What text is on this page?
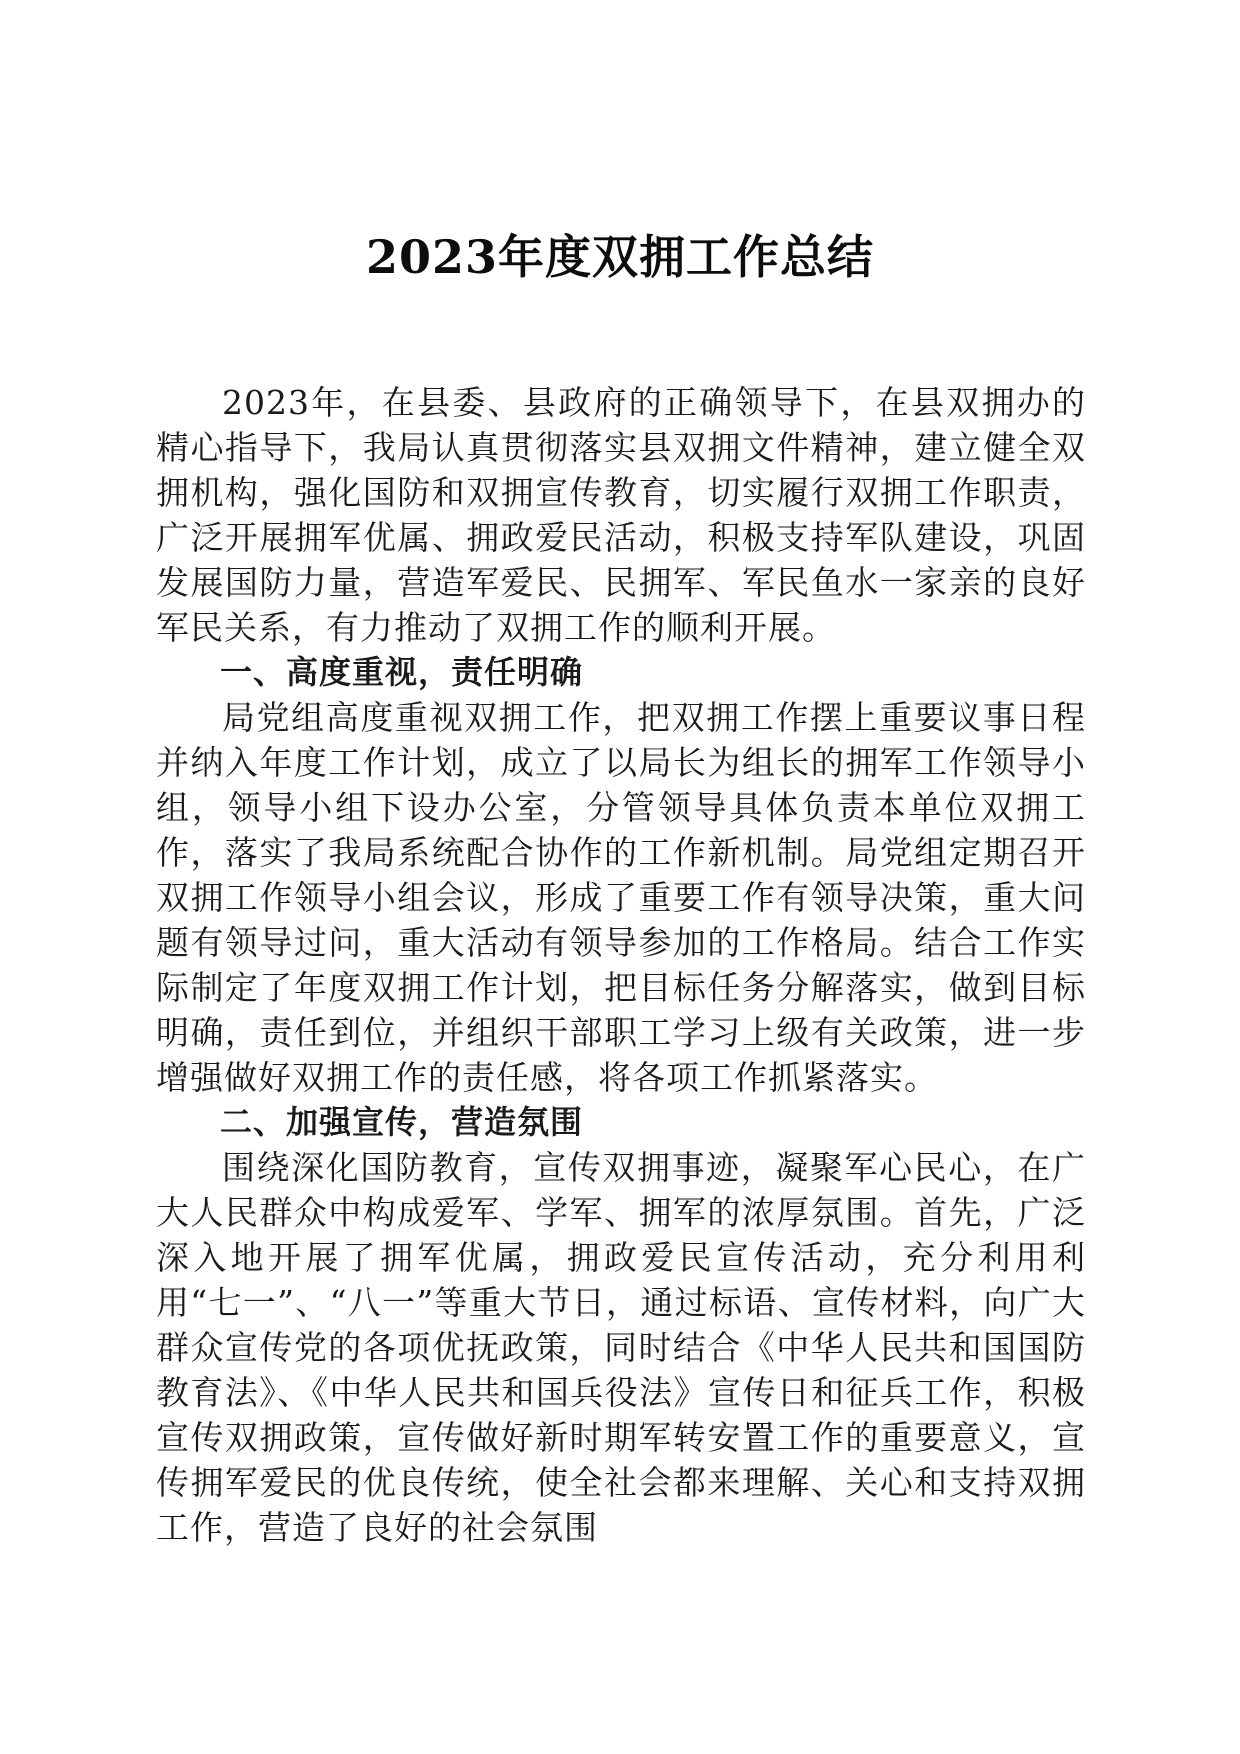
2023年度双拥工作总结

2023年，在县委、县政府的正确领导下，在县双拥办的精心指导下，我局认真贯彻落实县双拥文件精神，建立健全双拥机构，强化国防和双拥宣传教育，切实履行双拥工作职责，广泛开展拥军优属、拥政爱民活动，积极支持军队建设，巩固发展国防力量，营造军爱民、民拥军、军民鱼水一家亲的良好军民关系，有力推动了双拥工作的顺利开展。

一、高度重视，责任明确

局党组高度重视双拥工作，把双拥工作摆上重要议事日程并纳入年度工作计划，成立了以局长为组长的拥军工作领导小组，领导小组下设办公室，分管领导具体负责本单位双拥工作，落实了我局系统配合协作的工作新机制。局党组定期召开双拥工作领导小组会议，形成了重要工作有领导决策，重大问题有领导过问，重大活动有领导参加的工作格局。结合工作实际制定了年度双拥工作计划，把目标任务分解落实，做到目标明确，责任到位，并组织干部职工学习上级有关政策，进一步增强做好双拥工作的责任感，将各项工作抓紧落实。

二、加强宣传，营造氛围

围绕深化国防教育，宣传双拥事迹，凝聚军心民心，在广大人民群众中构成爱军、学军、拥军的浓厚氛围。首先，广泛深入地开展了拥军优属，拥政爱民宣传活动，充分利用利用“七一”、“八一”等重大节日，通过标语、宣传材料，向广大群众宣传党的各项优抚政策，同时结合《中华人民共和国国防教育法》、《中华人民共和国兵役法》宣传日和征兵工作，积极宣传双拥政策，宣传做好新时期军转安置工作的重要意义，宣传拥军爱民的优良传统，使全社会都来理解、关心和支持双拥工作，营造了良好的社会氛围
